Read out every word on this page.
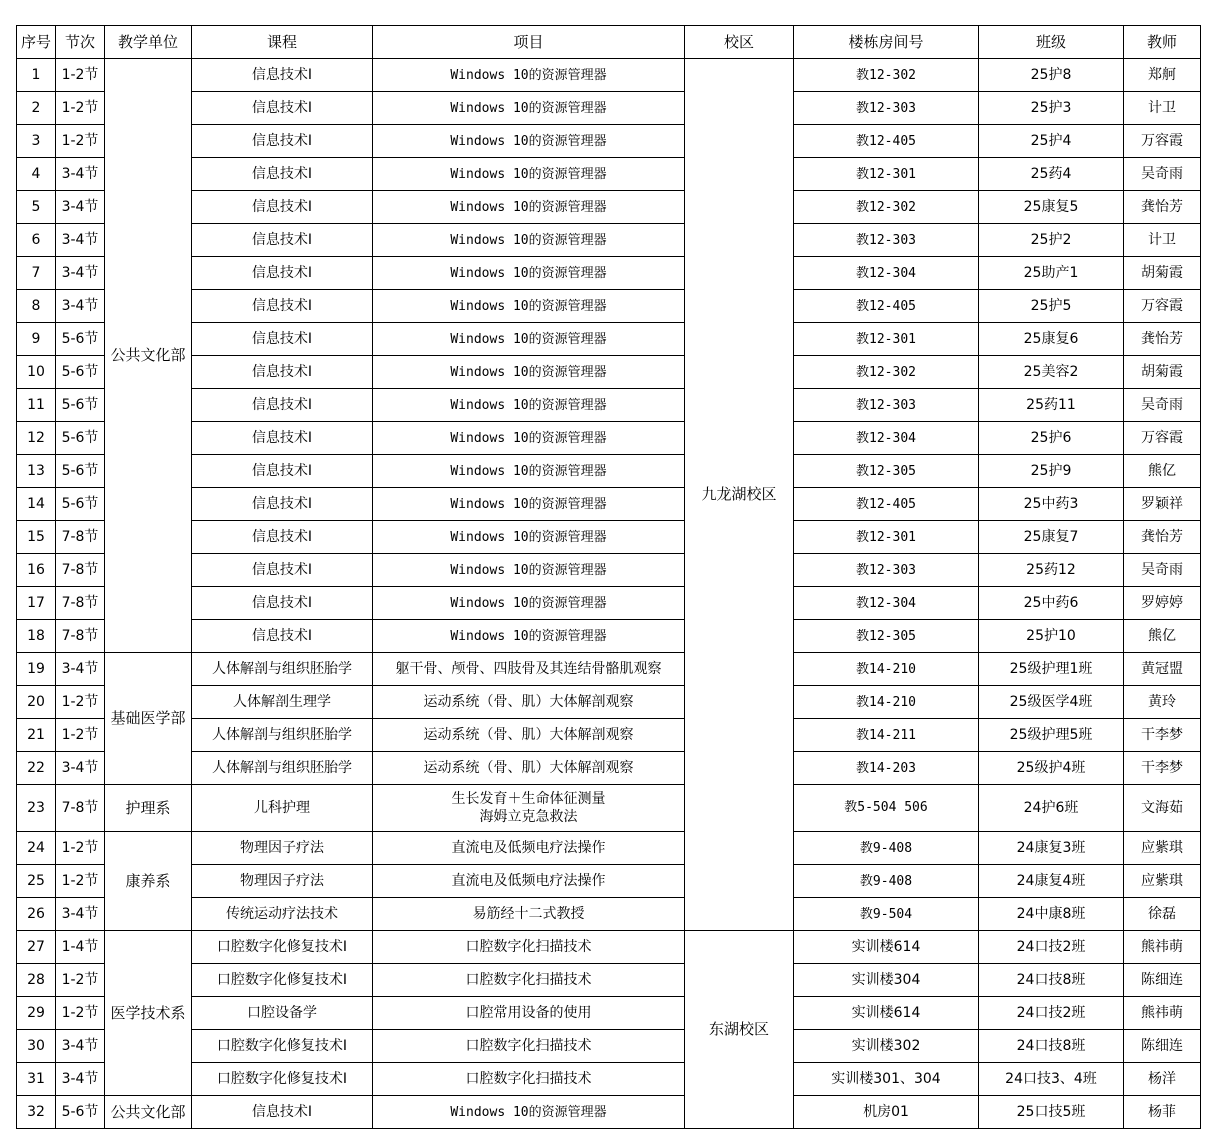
序号	节次	教学单位	课程	项目	校区	楼栋房间号	班级	教师
1	1-2节	公共文化部	信息技术Ⅰ	Windows 10的资源管理器	九龙湖校区	教12-302	25护8	郑舸
2	1-2节		信息技术Ⅰ	Windows 10的资源管理器		教12-303	25护3	计卫
3	1-2节		信息技术Ⅰ	Windows 10的资源管理器		教12-405	25护4	万容霞
4	3-4节		信息技术Ⅰ	Windows 10的资源管理器		教12-301	25药4	吴奇雨
5	3-4节		信息技术Ⅰ	Windows 10的资源管理器		教12-302	25康复5	龚怡芳
6	3-4节		信息技术Ⅰ	Windows 10的资源管理器		教12-303	25护2	计卫
7	3-4节		信息技术Ⅰ	Windows 10的资源管理器		教12-304	25助产1	胡菊霞
8	3-4节		信息技术Ⅰ	Windows 10的资源管理器		教12-405	25护5	万容霞
9	5-6节		信息技术Ⅰ	Windows 10的资源管理器		教12-301	25康复6	龚怡芳
10	5-6节		信息技术Ⅰ	Windows 10的资源管理器		教12-302	25美容2	胡菊霞
11	5-6节		信息技术Ⅰ	Windows 10的资源管理器		教12-303	25药11	吴奇雨
12	5-6节		信息技术Ⅰ	Windows 10的资源管理器		教12-304	25护6	万容霞
13	5-6节		信息技术Ⅰ	Windows 10的资源管理器		教12-305	25护9	熊亿
14	5-6节		信息技术Ⅰ	Windows 10的资源管理器		教12-405	25中药3	罗颖祥
15	7-8节		信息技术Ⅰ	Windows 10的资源管理器		教12-301	25康复7	龚怡芳
16	7-8节		信息技术Ⅰ	Windows 10的资源管理器		教12-303	25药12	吴奇雨
17	7-8节		信息技术Ⅰ	Windows 10的资源管理器		教12-304	25中药6	罗婷婷
18	7-8节		信息技术Ⅰ	Windows 10的资源管理器		教12-305	25护10	熊亿
19	3-4节	基础医学部	人体解剖与组织胚胎学	躯干骨、颅骨、四肢骨及其连结骨骼肌观察		教14-210	25级护理1班	黄冠盟
20	1-2节		人体解剖生理学	运动系统（骨、肌）大体解剖观察		教14-210	25级医学4班	黄玲
21	1-2节		人体解剖与组织胚胎学	运动系统（骨、肌）大体解剖观察		教14-211	25级护理5班	干李梦
22	3-4节		人体解剖与组织胚胎学	运动系统（骨、肌）大体解剖观察		教14-203	25级护4班	干李梦
23	7-8节	护理系	儿科护理	生长发育＋生命体征测量
海姆立克急救法		教5-504 506	24护6班	文海茹
24	1-2节	康养系	物理因子疗法	直流电及低频电疗法操作		教9-408	24康复3班	应紫琪
25	1-2节		物理因子疗法	直流电及低频电疗法操作		教9-408	24康复4班	应紫琪
26	3-4节		传统运动疗法技术	易筋经十二式教授		教9-504	24中康8班	徐磊
27	1-4节	医学技术系	口腔数字化修复技术I	口腔数字化扫描技术	东湖校区	实训楼614	24口技2班	熊祎萌
28	1-2节		口腔数字化修复技术I	口腔数字化扫描技术		实训楼304	24口技8班	陈细连
29	1-2节		口腔设备学	口腔常用设备的使用		实训楼614	24口技2班	熊祎萌
30	3-4节		口腔数字化修复技术I	口腔数字化扫描技术		实训楼302	24口技8班	陈细连
31	3-4节		口腔数字化修复技术I	口腔数字化扫描技术		实训楼301、304	24口技3、4班	杨洋
32	5-6节	公共文化部	信息技术Ⅰ	Windows 10的资源管理器		机房01	25口技5班	杨菲
